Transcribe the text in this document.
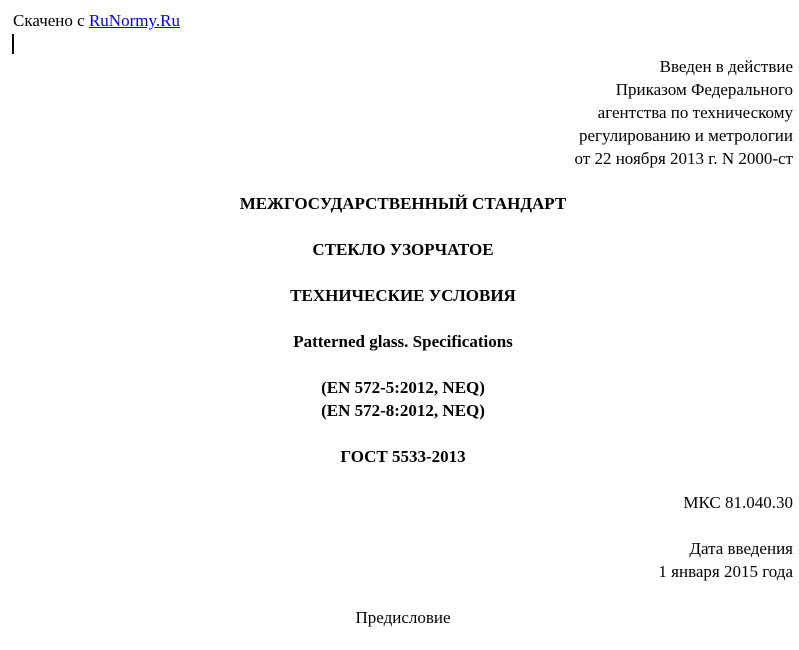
Скачено с RuNormy.Ru
Введен в действие
Приказом Федерального
агентства по техническому
регулированию и метрологии
от 22 ноября 2013 г. N 2000-ст
МЕЖГОСУДАРСТВЕННЫЙ СТАНДАРТ
СТЕКЛО УЗОРЧАТОЕ
ТЕХНИЧЕСКИЕ УСЛОВИЯ
Patterned glass. Specifications
(EN 572-5:2012, NEQ)
(EN 572-8:2012, NEQ)
ГОСТ 5533-2013
МКС 81.040.30
Дата введения
1 января 2015 года
Предисловие
